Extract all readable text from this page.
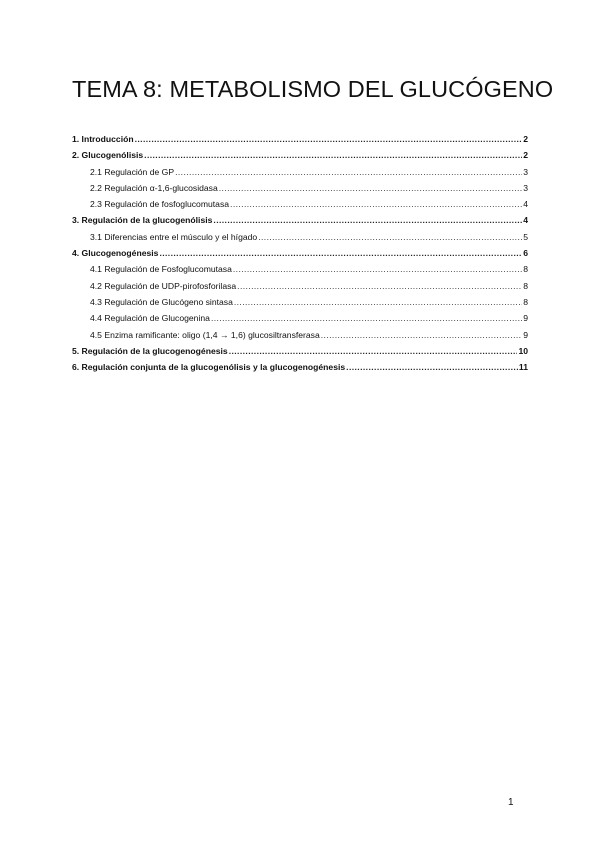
TEMA 8: METABOLISMO DEL GLUCÓGENO
1. Introducción .....	2
2. Glucogenólisis .....	2
2.1 Regulación de GP .....	3
2.2 Regulación α-1,6-glucosidasa .....	3
2.3 Regulación de fosfoglucomutasa .....	4
3. Regulación de la glucogenólisis .....	4
3.1 Diferencias entre el músculo y el hígado .....	5
4. Glucogenogénesis .....	6
4.1 Regulación de Fosfoglucomutasa .....	8
4.2 Regulación de UDP-pirofosforilasa .....	8
4.3 Regulación de Glucógeno sintasa .....	8
4.4 Regulación de Glucogenina .....	9
4.5 Enzima ramificante: oligo (1,4 → 1,6) glucosiltransferasa .....	9
5. Regulación de la glucogenogénesis .....	10
6. Regulación conjunta de la glucogenólisis y la glucogenogénesis .....	11
1
